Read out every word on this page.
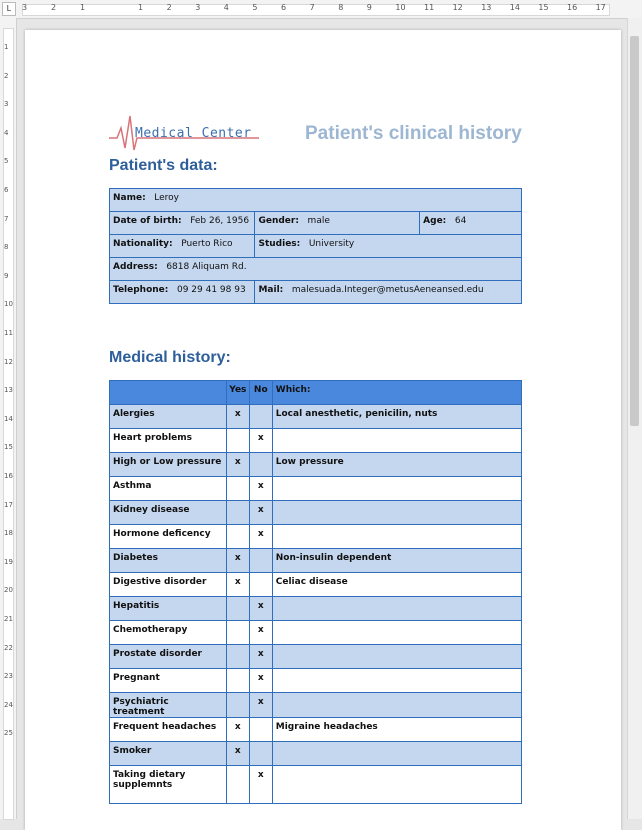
3	2	1	1	2	3	4	5	6	7	8	9	10 11 12 13 14 15 16 17
L
1
2
3
4
5
6
7
8
9
10
11
12
13
14
15
16
17
18
19
20
21
22
23
24
25
Medical Center	Patient's clinical history
Patient's data:
Name: Leroy		
Date of birth: Feb 26, 1956	Gender: male	Age: 64
Nationality: Puerto Rico	Studies: University	
Address: 6818 Aliquam Rd.		
Telephone: 09 29 41 98 93	Mail: malesuada.Integer@metusAeneansed.edu	
Medical history:
	Yes	No	Which:
Alergies	x		Local anesthetic, penicilin, nuts
Heart problems		x	
High or Low pressure	x		Low pressure
Asthma		x	
Kidney disease		x	
Hormone deficency		x	
Diabetes	x		Non-insulin dependent
Digestive disorder	x		Celiac disease
Hepatitis		x	
Chemotherapy		x	
Prostate disorder		x	
Pregnant		x	
Psychiatric treatment		x	
Frequent headaches	x		Migraine headaches
Smoker	x		
Taking dietary supplemnts		x	
